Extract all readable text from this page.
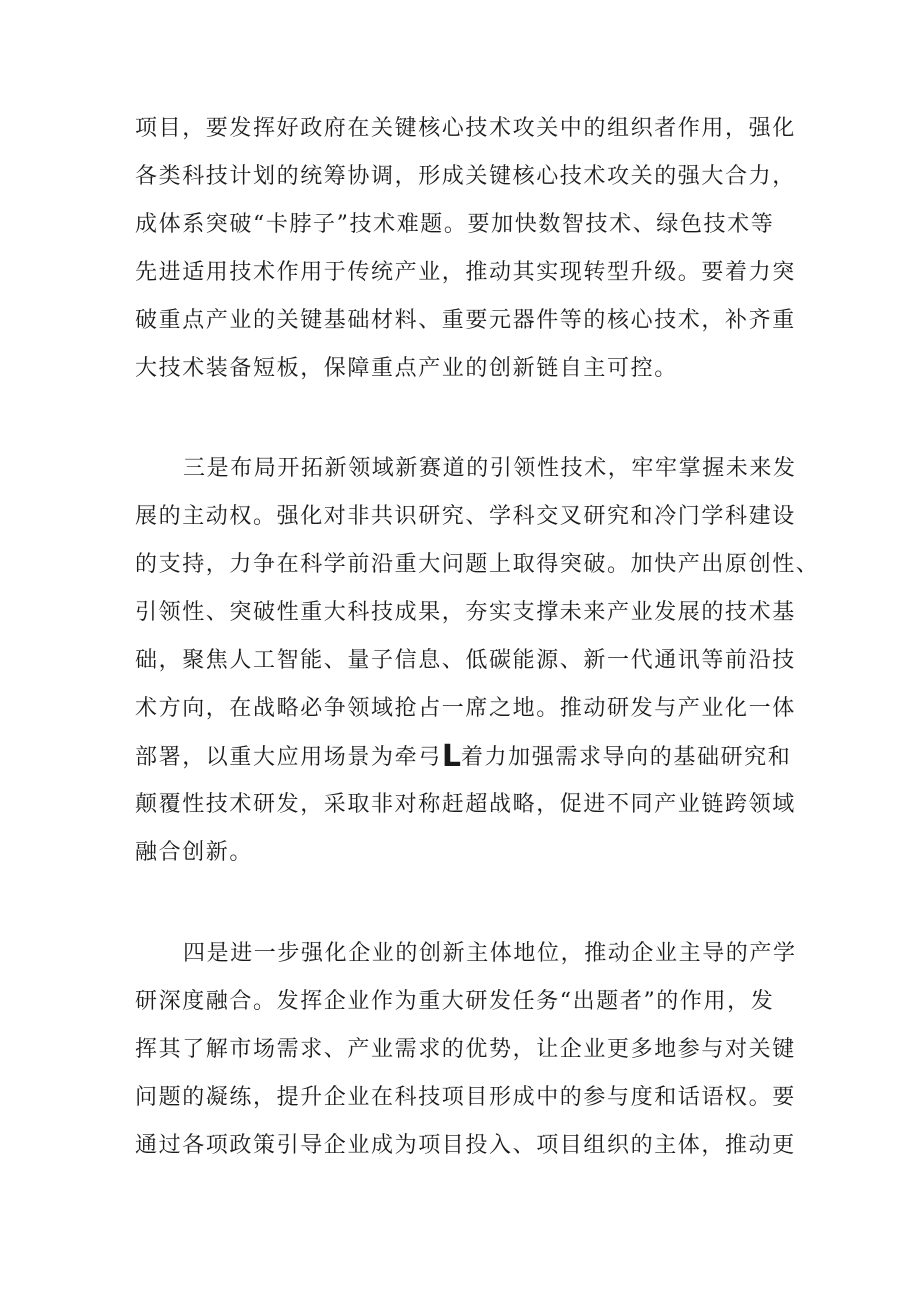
项目，要发挥好政府在关键核心技术攻关中的组织者作用，强化
各类科技计划的统筹协调，形成关键核心技术攻关的强大合力，
成体系突破“卡脖子”技术难题。要加快数智技术、绿色技术等
先进适用技术作用于传统产业，推动其实现转型升级。要着力突
破重点产业的关键基础材料、重要元器件等的核心技术，补齐重
大技术装备短板，保障重点产业的创新链自主可控。
三是布局开拓新领域新赛道的引领性技术，牢牢掌握未来发
展的主动权。强化对非共识研究、学科交叉研究和冷门学科建设
的支持，力争在科学前沿重大问题上取得突破。加快产出原创性、
引领性、突破性重大科技成果，夯实支撑未来产业发展的技术基
础，聚焦人工智能、量子信息、低碳能源、新一代通讯等前沿技
术方向，在战略必争领域抢占一席之地。推动研发与产业化一体
部署，以重大应用场景为牵弓L着力加强需求导向的基础研究和
颠覆性技术研发，采取非对称赶超战略，促进不同产业链跨领域
融合创新。
四是进一步强化企业的创新主体地位，推动企业主导的产学
研深度融合。发挥企业作为重大研发任务“出题者”的作用，发
挥其了解市场需求、产业需求的优势，让企业更多地参与对关键
问题的凝练，提升企业在科技项目形成中的参与度和话语权。要
通过各项政策引导企业成为项目投入、项目组织的主体，推动更
